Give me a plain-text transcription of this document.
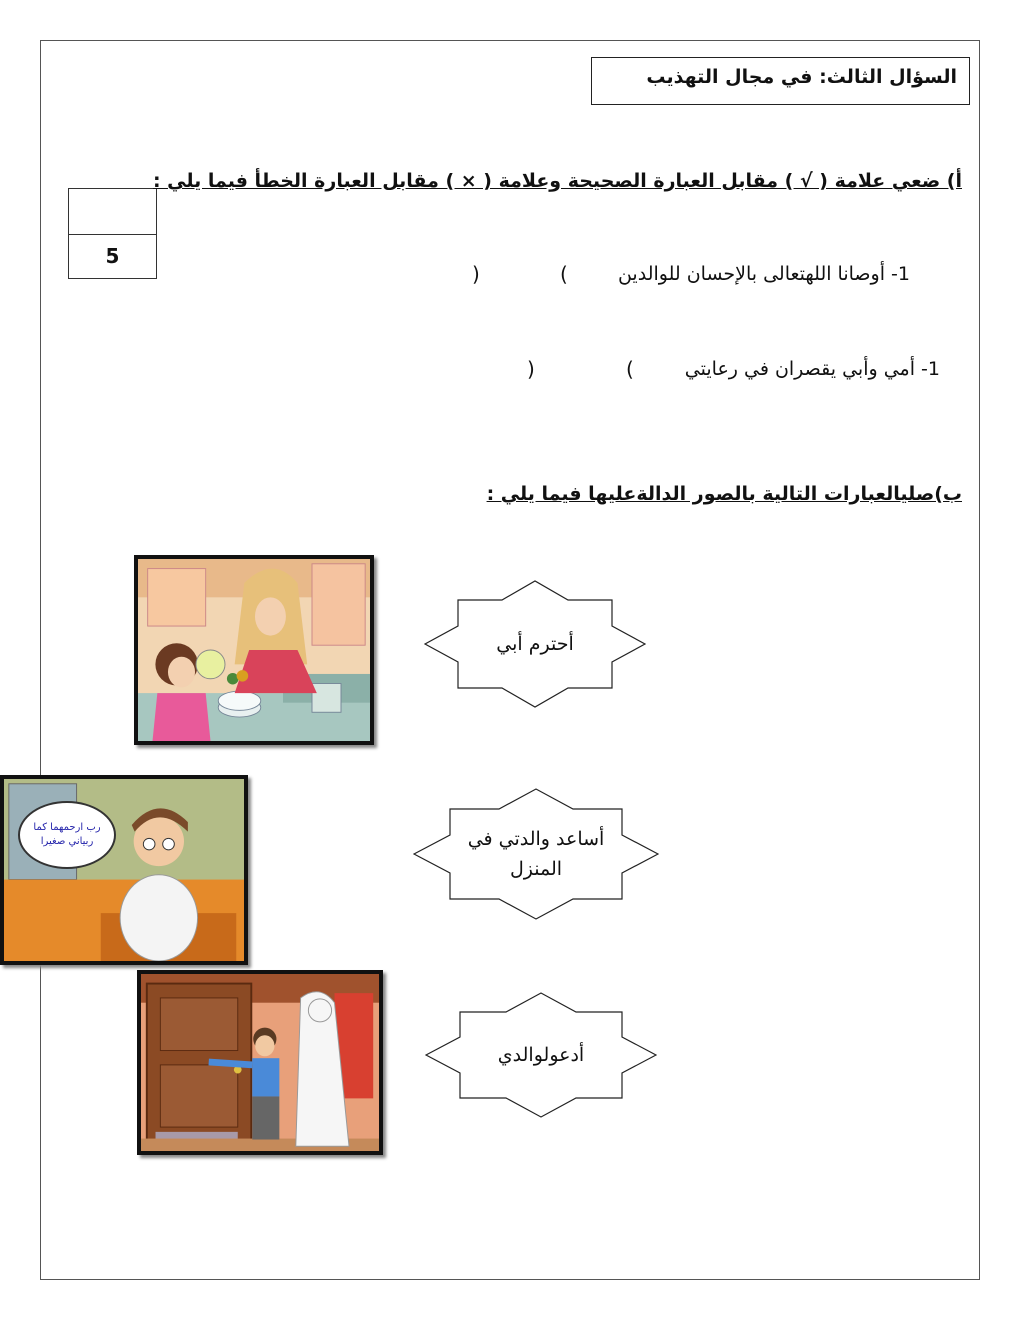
السؤال الثالث: في مجال التهذيب
5
أ) ضعي علامة ( √ ) مقابل العبارة الصحيحة وعلامة ( × ) مقابل العبارة الخطأ فيما يلي :
1- أوصانا اللهتعالى بالإحسان للوالدين
(
)
1- أمي وأبي يقصران في رعايتي
(
)
ب)صليالعبارات التالية بالصور الدالةعليها فيما يلي :
رب ارحمهما كما ربياني صغيرا
أحترم أبي
أساعد والدتي في
المنزل
أدعولوالدي
